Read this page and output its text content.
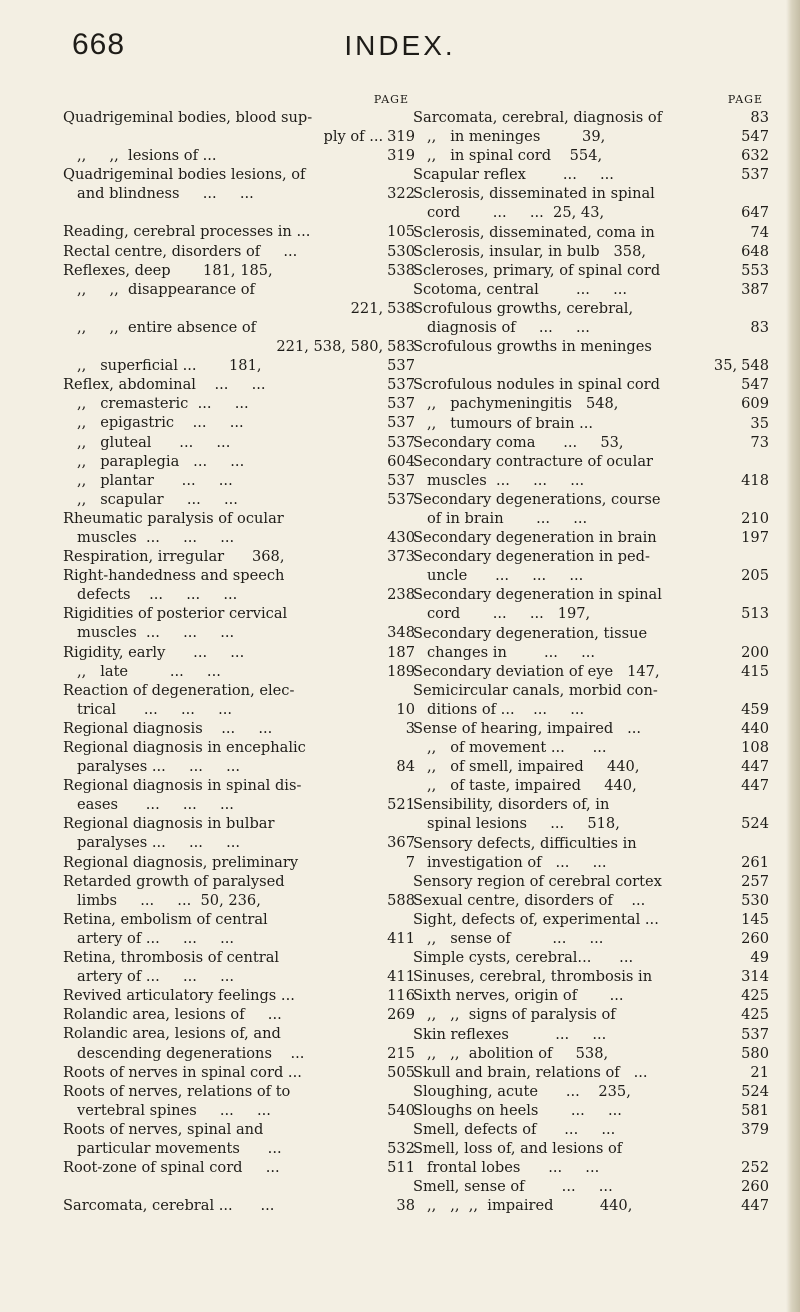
668	INDEX.
PAGE
Quadrigeminal bodies, blood sup-
ply of ... 319
,,     ,,  lesions of ...	319
Quadrigeminal bodies lesions, of
and blindness     ...     ...	322
Reading, cerebral processes in ...	105
Rectal centre, disorders of     ...	530
Reflexes, deep       181, 185,	538
,,     ,,  disappearance of
221, 538
,,     ,,  entire absence of
221, 538, 580, 583
,,   superficial ...       181,	537
Reflex, abdominal    ...     ...	537
,,   cremasteric  ...     ...	537
,,   epigastric    ...     ...	537
,,   gluteal      ...     ...	537
,,   paraplegia   ...     ...	604
,,   plantar      ...     ...	537
,,   scapular     ...     ...	537
Rheumatic paralysis of ocular
muscles  ...     ...     ...	430
Respiration, irregular      368,	373
Right-handedness and speech
defects    ...     ...     ...	238
Rigidities of posterior cervical
muscles  ...     ...     ...	348
Rigidity, early      ...     ...	187
,,   late         ...     ...	189
Reaction of degeneration, elec-
trical      ...     ...     ...	10
Regional diagnosis    ...     ...	3
Regional diagnosis in encephalic
paralyses ...     ...     ...	84
Regional diagnosis in spinal dis-
eases      ...     ...     ...	521
Regional diagnosis in bulbar
paralyses ...     ...     ...	367
Regional diagnosis, preliminary	7
Retarded growth of paralysed
limbs     ...     ...  50, 236,	588
Retina, embolism of central
artery of ...     ...     ...	411
Retina, thrombosis of central
artery of ...     ...     ...	411
Revived articulatory feelings ...	116
Rolandic area, lesions of     ...	269
Rolandic area, lesions of, and
descending degenerations    ...	215
Roots of nerves in spinal cord ...	505
Roots of nerves, relations of to
vertebral spines     ...     ...	540
Roots of nerves, spinal and
particular movements      ...	532
Root-zone of spinal cord     ...	511
Sarcomata, cerebral ...      ...	38
PAGE
Sarcomata, cerebral, diagnosis of	83
,,   in meninges         39,	547
,,   in spinal cord    554,	632
Scapular reflex        ...     ...	537
Sclerosis, disseminated in spinal
cord       ...     ...  25, 43,	647
Sclerosis, disseminated, coma in	74
Sclerosis, insular, in bulb   358,	648
Scleroses, primary, of spinal cord	553
Scotoma, central        ...     ...	387
Scrofulous growths, cerebral,
diagnosis of     ...     ...	83
Scrofulous growths in meninges
35, 548
Scrofulous nodules in spinal cord	547
,,   pachymeningitis   548,	609
,,   tumours of brain ...	35
Secondary coma      ...     53,	73
Secondary contracture of ocular
muscles  ...     ...     ...	418
Secondary degenerations, course
of in brain       ...     ...	210
Secondary degeneration in brain	197
Secondary degeneration in ped-
uncle      ...     ...     ...	205
Secondary degeneration in spinal
cord       ...     ...   197,	513
Secondary degeneration, tissue
changes in        ...     ...	200
Secondary deviation of eye   147,	415
Semicircular canals, morbid con-
ditions of ...    ...     ...	459
Sense of hearing, impaired   ...	440
,,   of movement ...      ...	108
,,   of smell, impaired     440,	447
,,   of taste, impaired     440,	447
Sensibility, disorders of, in
spinal lesions     ...     518,	524
Sensory defects, difficulties in
investigation of   ...     ...	261
Sensory region of cerebral cortex	257
Sexual centre, disorders of    ...	530
Sight, defects of, experimental ...	145
,,   sense of         ...     ...	260
Simple cysts, cerebral...      ...	49
Sinuses, cerebral, thrombosis in	314
Sixth nerves, origin of       ...	425
,,   ,,  signs of paralysis of	425
Skin reflexes          ...     ...	537
,,   ,,  abolition of     538,	580
Skull and brain, relations of   ...	21
Sloughing, acute      ...    235,	524
Sloughs on heels       ...     ...	581
Smell, defects of      ...     ...	379
Smell, loss of, and lesions of
frontal lobes      ...     ...	252
Smell, sense of        ...     ...	260
,,   ,,  ,,  impaired          440,	447
